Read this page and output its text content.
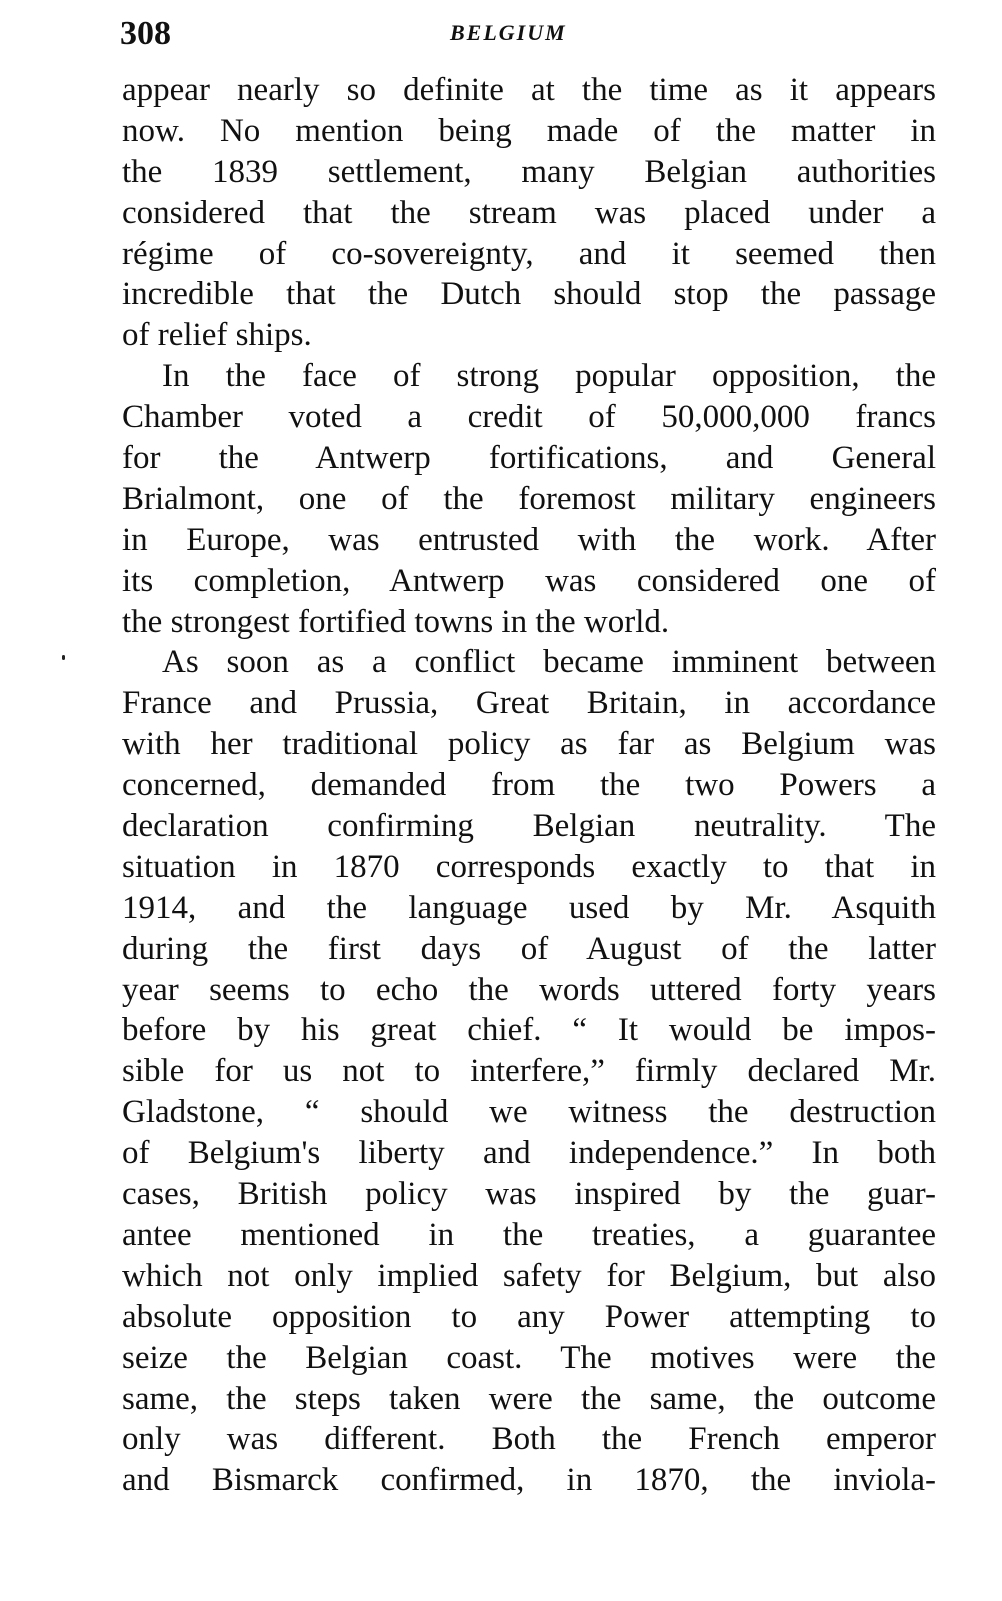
308	BELGIUM
appear nearly so definite at the time as it appears
now. No mention being made of the matter in
the 1839 settlement, many Belgian authorities
considered that the stream was placed under a
régime of co-sovereignty, and it seemed then
incredible that the Dutch should stop the passage
of relief ships.
In the face of strong popular opposition, the
Chamber voted a credit of 50,000,000 francs
for the Antwerp fortifications, and General
Brialmont, one of the foremost military engineers
in Europe, was entrusted with the work. After
its completion, Antwerp was considered one of
the strongest fortified towns in the world.
As soon as a conflict became imminent between
France and Prussia, Great Britain, in accordance
with her traditional policy as far as Belgium was
concerned, demanded from the two Powers a
declaration confirming Belgian neutrality. The
situation in 1870 corresponds exactly to that in
1914, and the language used by Mr. Asquith
during the first days of August of the latter
year seems to echo the words uttered forty years
before by his great chief. “ It would be impos-
sible for us not to interfere,” firmly declared Mr.
Gladstone, “ should we witness the destruction
of Belgium's liberty and independence.” In both
cases, British policy was inspired by the guar-
antee mentioned in the treaties, a guarantee
which not only implied safety for Belgium, but also
absolute opposition to any Power attempting to
seize the Belgian coast. The motives were the
same, the steps taken were the same, the outcome
only was different. Both the French emperor
and Bismarck confirmed, in 1870, the inviola-
